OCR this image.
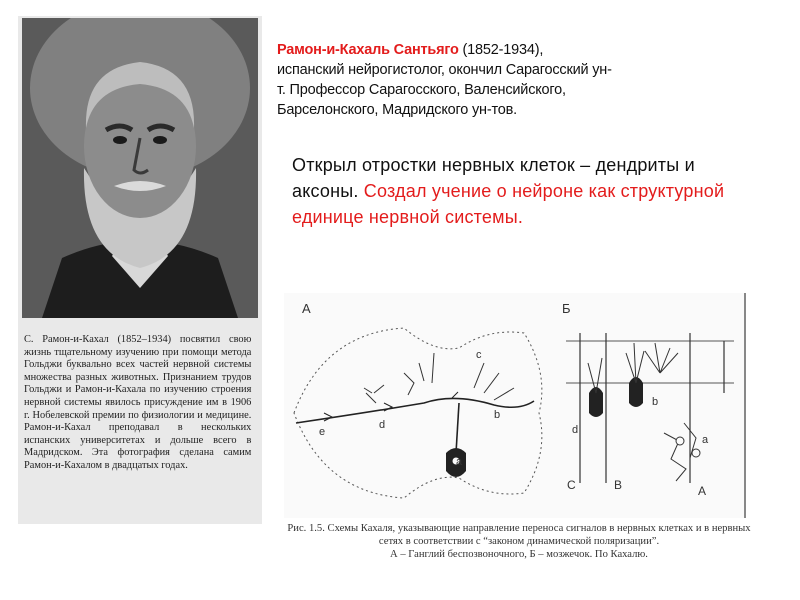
С. Рамон-и-Кахал (1852–1934) посвятил свою жизнь тщательному изучению при помощи метода Гольджи буквально всех частей нервной системы множества разных животных. Признанием трудов Гольджи и Рамон-и-Кахала по изучению строения нервной системы явилось присуждение им в 1906 г. Нобелевской премии по физиологии и медицине. Рамон-и-Кахал преподавал в нескольких испанских университетах и дольше всего в Мадридском. Эта фотография сделана самим Рамон-и-Кахалом в двадцатых годах.
Рамон-и-Кахаль Сантьяго (1852-1934),
испанский нейрогистолог, окончил Сарагосский ун-
т. Профессор Сарагосского, Валенсийского,
Барселонского, Мадридского ун-тов.
Открыл отростки нервных клеток – дендриты и аксоны. Создал учение о нейроне как структурной единице нервной системы.
А
e
d
c
b
a
Б
d
b
a
C	B	A
Рис. 1.5. Схемы Кахаля, указывающие направление переноса сигналов в нервных клетках и в нервных сетях в соответствии с “законом динамической поляризации”.
А – Ганглий беспозвоночного, Б – мозжечок. По Кахалю.
